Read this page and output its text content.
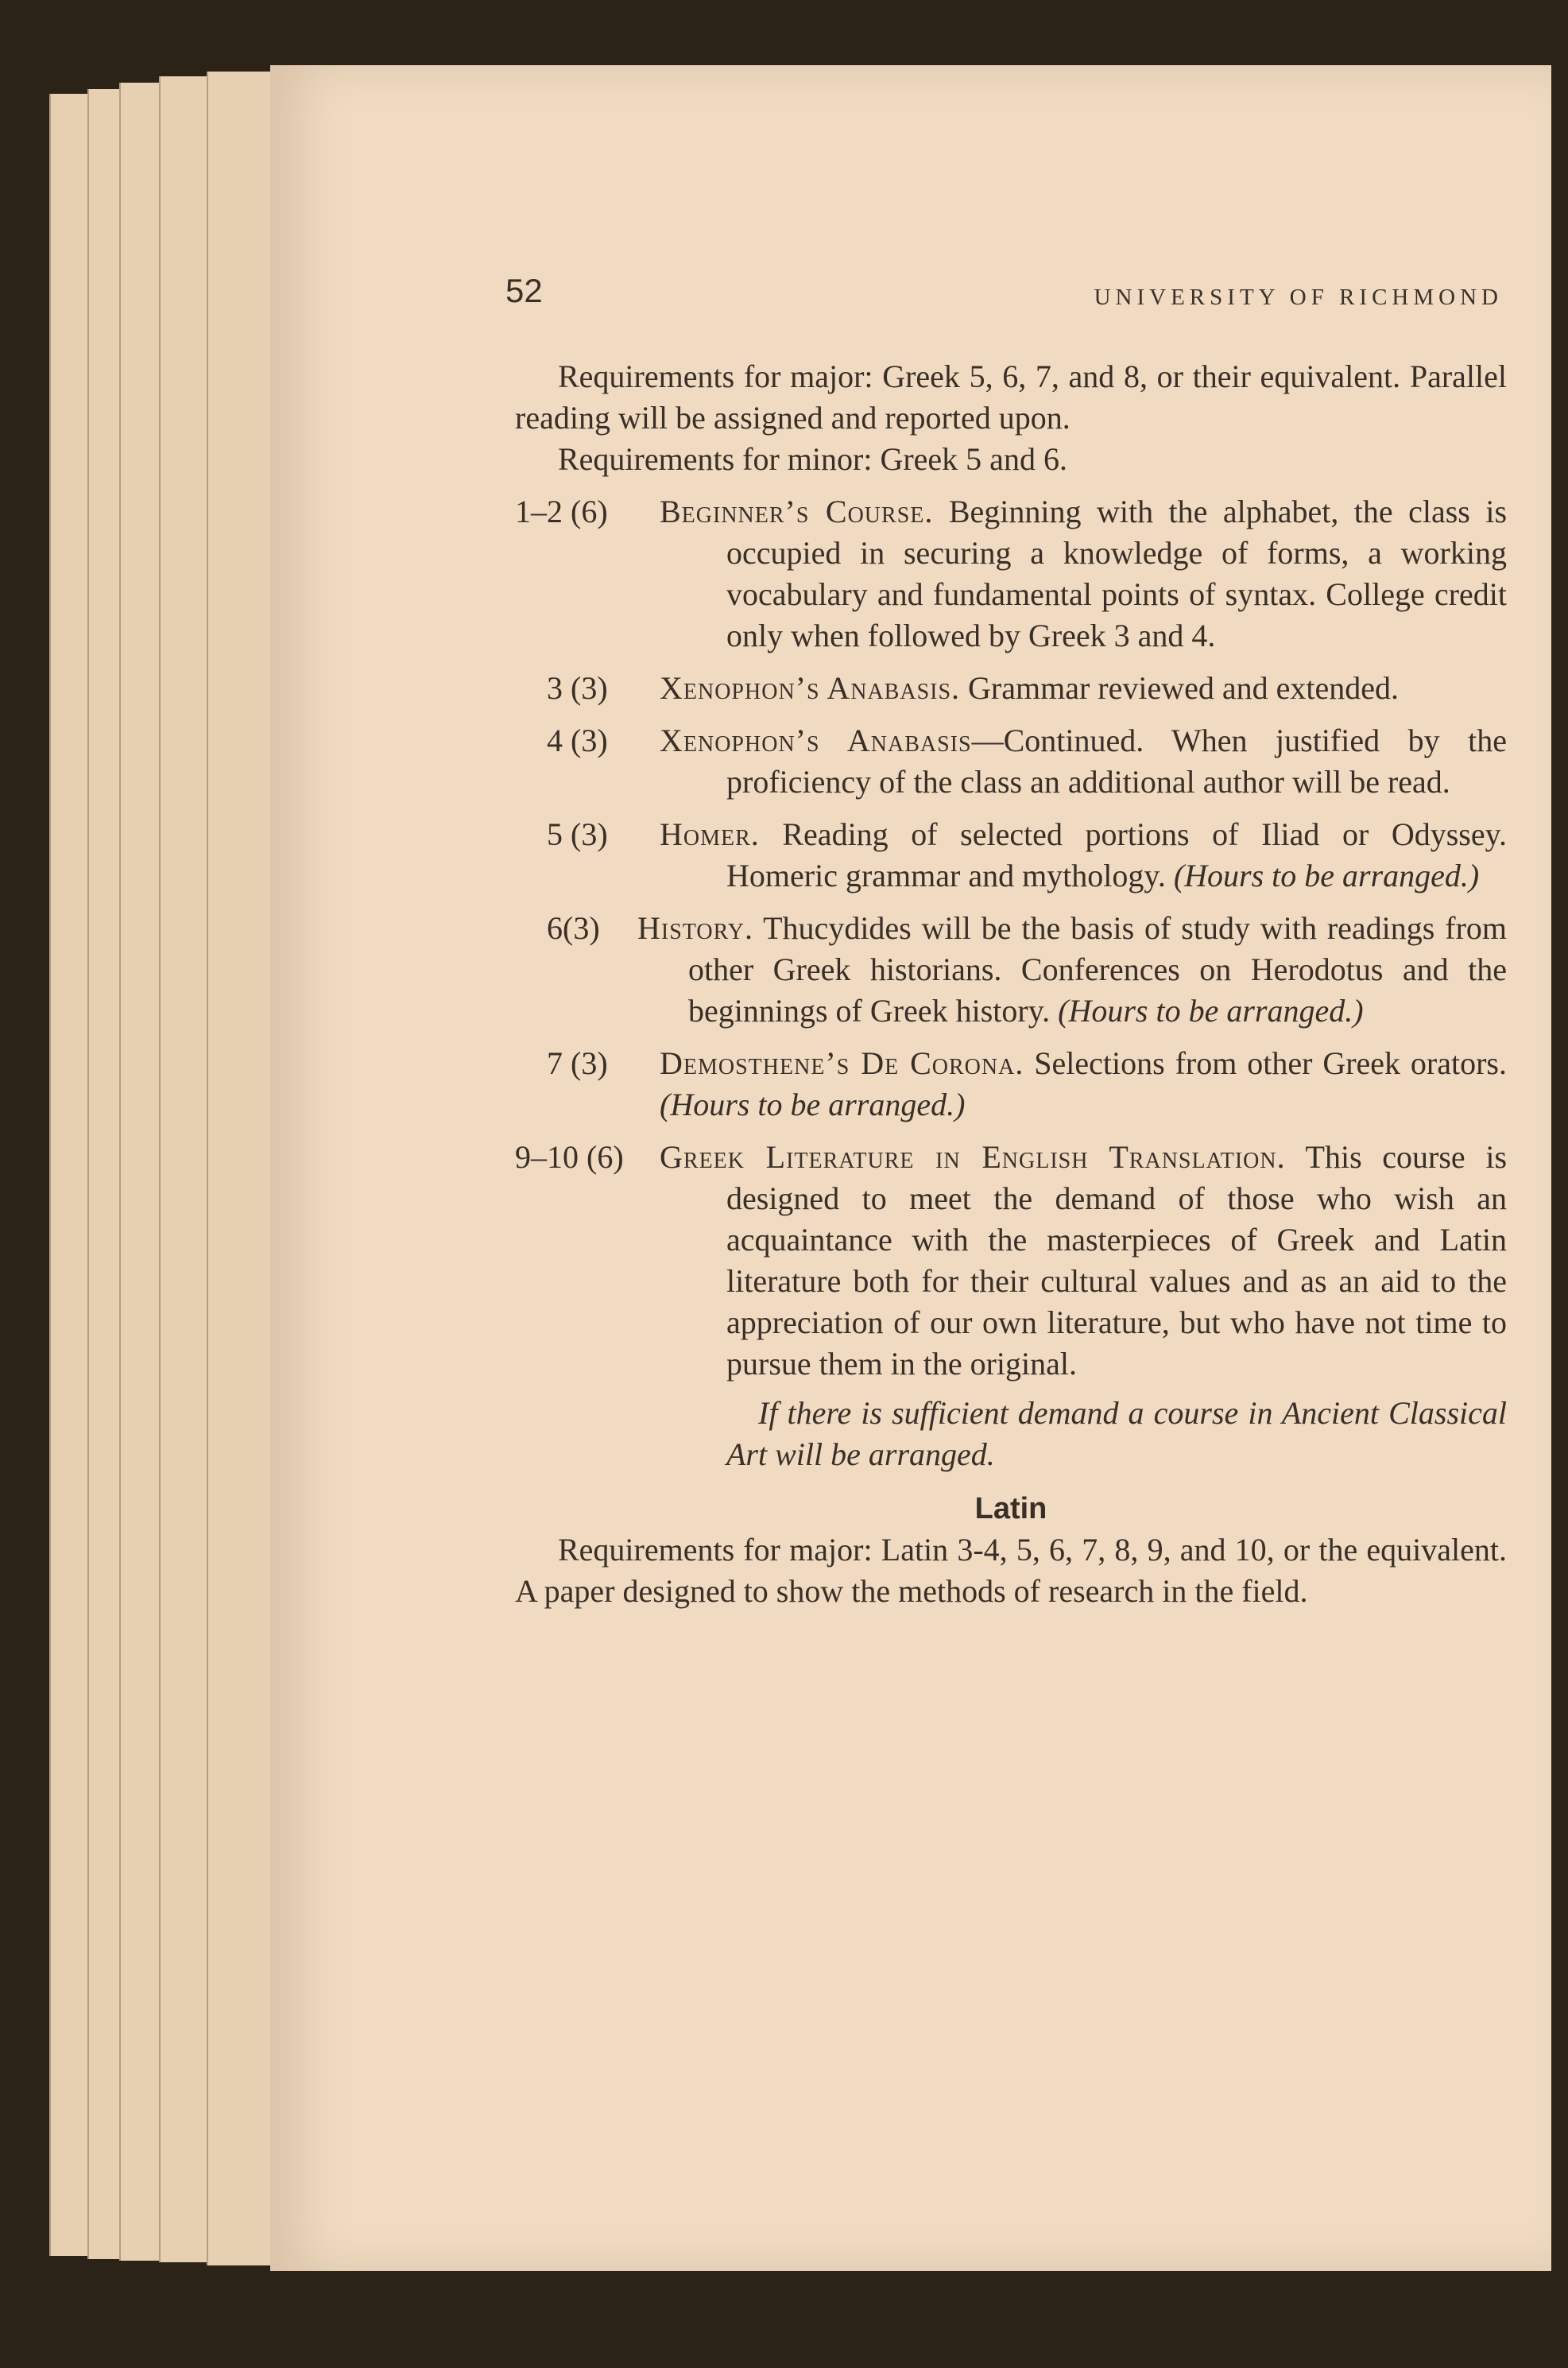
52	UNIVERSITY OF RICHMOND

Requirements for major: Greek 5, 6, 7, and 8, or their equivalent. Parallel reading will be assigned and reported upon.

Requirements for minor: Greek 5 and 6.

1–2 (6) Beginner’s Course. Beginning with the alphabet, the class is occupied in securing a knowledge of forms, a working vocabulary and fundamental points of syntax. College credit only when followed by Greek 3 and 4.
3 (3) Xenophon’s Anabasis. Grammar reviewed and extended.
4 (3) Xenophon’s Anabasis—Continued. When justified by the proficiency of the class an additional author will be read.
5 (3) Homer. Reading of selected portions of Iliad or Odyssey. Homeric grammar and mythology. (Hours to be arranged.)
6(3) History. Thucydides will be the basis of study with readings from other Greek historians. Conferences on Herodotus and the beginnings of Greek history. (Hours to be arranged.)
7 (3) Demosthene’s De Corona. Selections from other Greek orators. (Hours to be arranged.)
9–10 (6) Greek Literature in English Translation. This course is designed to meet the demand of those who wish an acquaintance with the masterpieces of Greek and Latin literature both for their cultural values and as an aid to the appreciation of our own literature, but who have not time to pursue them in the original.

If there is sufficient demand a course in Ancient Classical Art will be arranged.

Latin

Requirements for major: Latin 3-4, 5, 6, 7, 8, 9, and 10, or the equivalent. A paper designed to show the methods of research in the field.
